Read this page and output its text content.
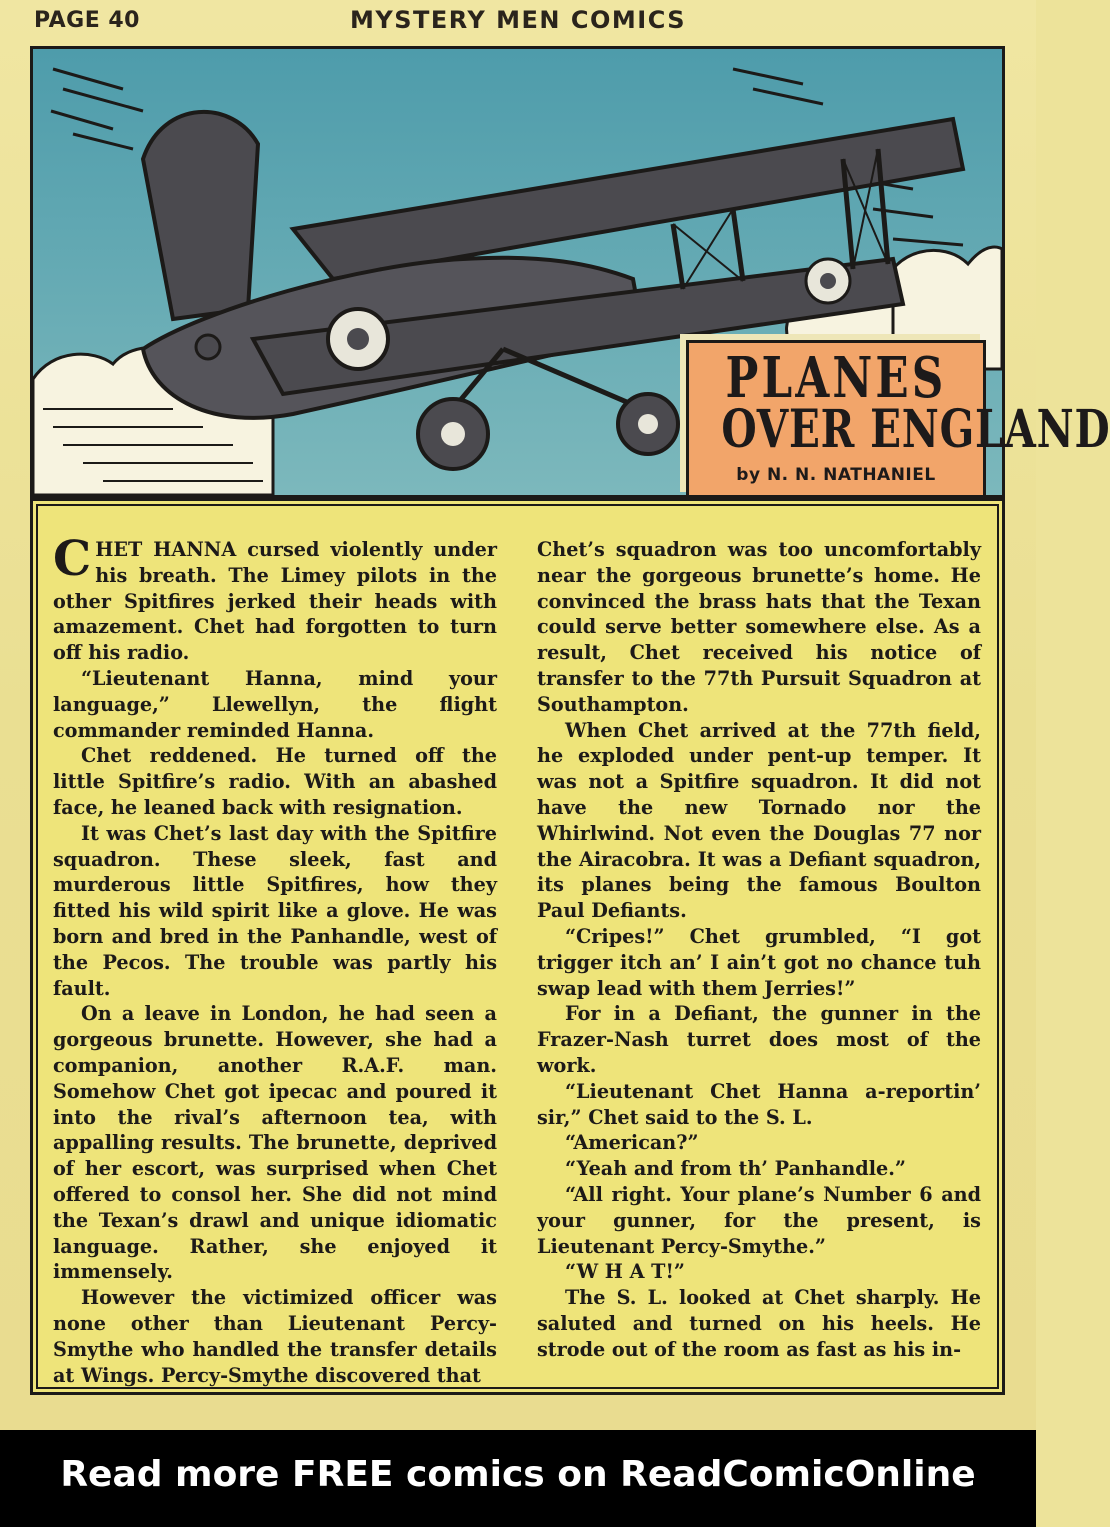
PAGE 40	MYSTERY MEN COMICS
PLANES
OVER ENGLAND
by N. N. NATHANIEL

CHET HANNA cursed violently under his breath. The Limey pilots in the other Spitfires jerked their heads with amazement. Chet had forgotten to turn off his radio.

“Lieutenant Hanna, mind your language,” Llewellyn, the flight commander reminded Hanna.

Chet reddened. He turned off the little Spitfire’s radio. With an abashed face, he leaned back with resignation.

It was Chet’s last day with the Spitfire squadron. These sleek, fast and murderous little Spitfires, how they fitted his wild spirit like a glove. He was born and bred in the Panhandle, west of the Pecos. The trouble was partly his fault.

On a leave in London, he had seen a gorgeous brunette. However, she had a companion, another R.A.F. man. Somehow Chet got ipecac and poured it into the rival’s afternoon tea, with appalling results. The brunette, deprived of her escort, was surprised when Chet offered to consol her. She did not mind the Texan’s drawl and unique idiomatic language. Rather, she enjoyed it immensely.

However the victimized officer was none other than Lieutenant Percy-Smythe who handled the transfer details at Wings. Percy-Smythe discovered that

Chet’s squadron was too uncomfortably near the gorgeous brunette’s home. He convinced the brass hats that the Texan could serve better somewhere else. As a result, Chet received his notice of transfer to the 77th Pursuit Squadron at Southampton.

When Chet arrived at the 77th field, he exploded under pent-up temper. It was not a Spitfire squadron. It did not have the new Tornado nor the Whirlwind. Not even the Douglas 77 nor the Airacobra. It was a Defiant squadron, its planes being the famous Boulton Paul Defiants.

“Cripes!” Chet grumbled, “I got trigger itch an’ I ain’t got no chance tuh swap lead with them Jerries!”

For in a Defiant, the gunner in the Frazer-Nash turret does most of the work.

“Lieutenant Chet Hanna a-reportin’ sir,” Chet said to the S. L.

“American?”

“Yeah and from th’ Panhandle.”

“All right. Your plane’s Number 6 and your gunner, for the present, is Lieutenant Percy-Smythe.”

“W H A T!”

The S. L. looked at Chet sharply. He saluted and turned on his heels. He strode out of the room as fast as his in-

Read more FREE comics on ReadComicOnline
